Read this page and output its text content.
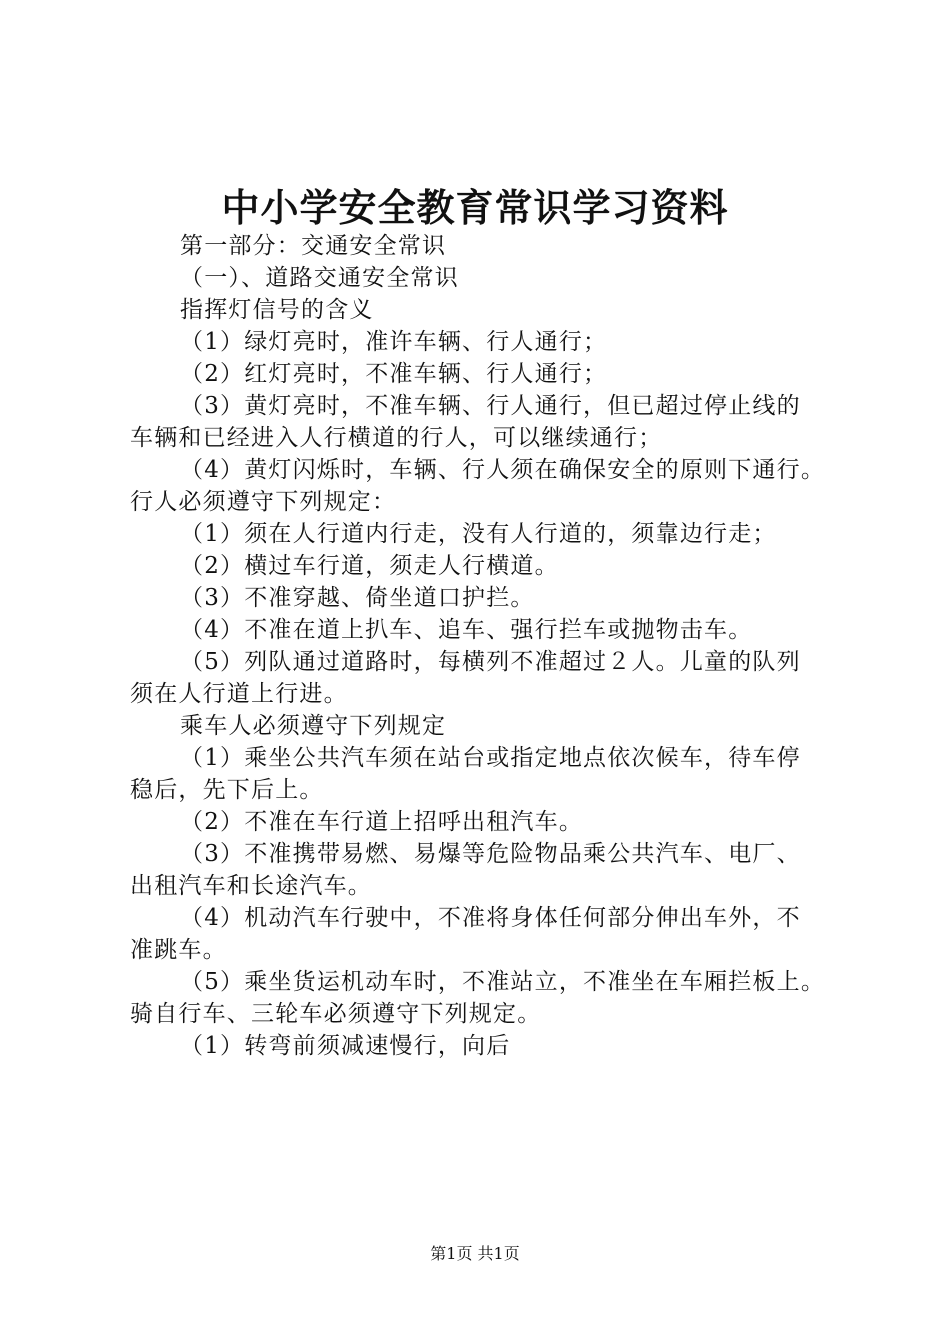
中小学安全教育常识学习资料

第一部分：交通安全常识

（一）、道路交通安全常识

指挥灯信号的含义

（1）绿灯亮时，准许车辆、行人通行；

（2）红灯亮时，不准车辆、行人通行；

（3）黄灯亮时，不准车辆、行人通行，但已超过停止线的

车辆和已经进入人行横道的行人，可以继续通行；

（4）黄灯闪烁时，车辆、行人须在确保安全的原则下通行。

行人必须遵守下列规定：

（1）须在人行道内行走，没有人行道的，须靠边行走；

（2）横过车行道，须走人行横道。

（3）不准穿越、倚坐道口护拦。

（4）不准在道上扒车、追车、强行拦车或抛物击车。

（5）列队通过道路时，每横列不准超过２人。儿童的队列

须在人行道上行进。

乘车人必须遵守下列规定

（1）乘坐公共汽车须在站台或指定地点依次候车，待车停

稳后，先下后上。

（2）不准在车行道上招呼出租汽车。

（3）不准携带易燃、易爆等危险物品乘公共汽车、电厂、

出租汽车和长途汽车。

（4）机动汽车行驶中，不准将身体任何部分伸出车外，不

准跳车。

（5）乘坐货运机动车时，不准站立，不准坐在车厢拦板上。

骑自行车、三轮车必须遵守下列规定。

（1）转弯前须减速慢行，向后

第1页 共1页
